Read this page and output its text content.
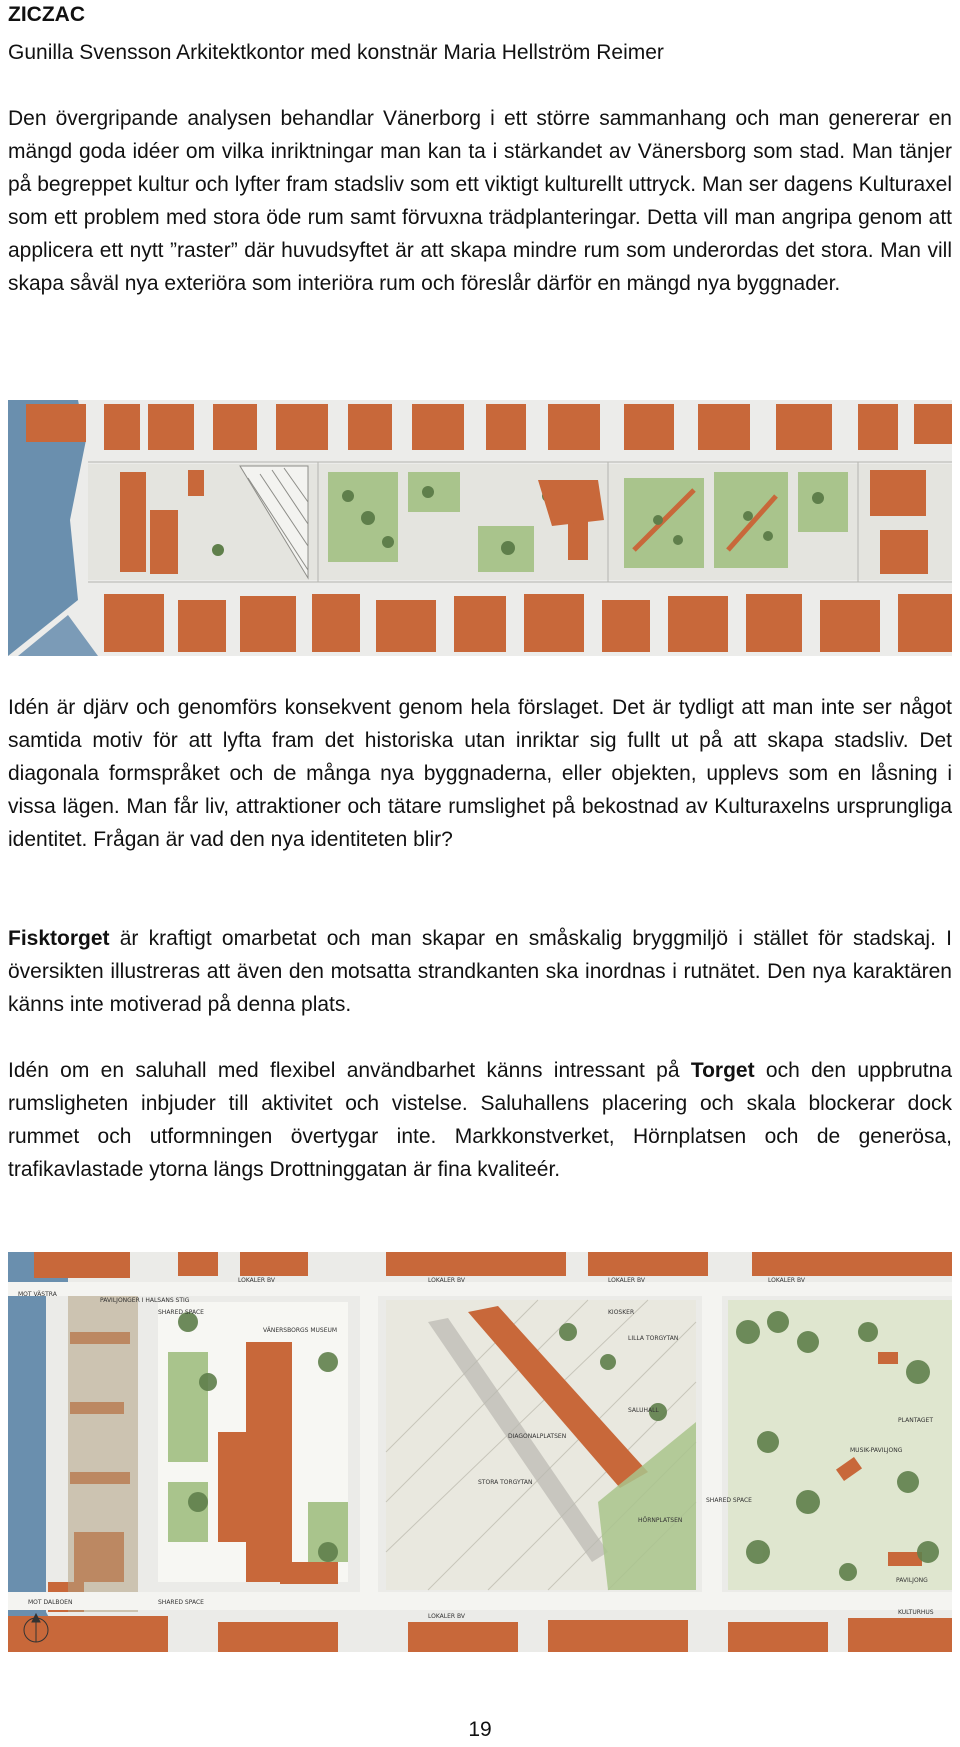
ZICZAC
Gunilla Svensson Arkitektkontor med konstnär Maria Hellström Reimer
Den övergripande analysen behandlar Vänerborg i ett större sammanhang och man genererar en mängd goda idéer om vilka inriktningar man kan ta i stärkandet av Vänersborg som stad. Man tänjer på begreppet kultur och lyfter fram stadsliv som ett viktigt kulturellt uttryck. Man ser dagens Kulturaxel som ett problem med stora öde rum samt förvuxna trädplanteringar. Detta vill man angripa genom att applicera ett nytt ”raster” där huvudsyftet är att skapa mindre rum som underordas det stora. Man vill skapa såväl nya exteriöra som interiöra rum och föreslår därför en mängd nya byggnader.
Idén är djärv och genomförs konsekvent genom hela förslaget. Det är tydligt att man inte ser något samtida motiv för att lyfta fram det historiska utan inriktar sig fullt ut på att skapa stadsliv. Det diagonala formspråket och de många nya byggnaderna, eller objekten, upplevs som en låsning i vissa lägen. Man får liv, attraktioner och tätare rumslighet på bekostnad av Kulturaxelns ursprungliga identitet. Frågan är vad den nya identiteten blir?
Fisktorget är kraftigt omarbetat och man skapar en småskalig bryggmiljö i stället för stadskaj. I översikten illustreras att även den motsatta strandkanten ska inordnas i rutnätet. Den nya karaktären känns inte motiverad på denna plats.
Idén om en saluhall med flexibel användbarhet känns intressant på Torget och den uppbrutna rumsligheten inbjuder till aktivitet och vistelse. Saluhallens placering och skala blockerar dock rummet och utformningen övertygar inte. Markkonstverket, Hörnplatsen och de generösa, trafikavlastade ytorna längs Drottninggatan är fina kvaliteér.
PAVILJONGER I HALSANS STIG
SHARED SPACE
LOKALER BV	LOKALER BV	LOKALER BV	LOKALER BV
VÄNERSBORGS MUSEUM
KIOSKER
LILLA TORGYTAN
SALUHALL
DIAGONALPLATSEN
STORA TORGYTAN
HÖRNPLATSEN
PLANTAGET
MUSIK-PAVILJONG
PAVILJONG
SHARED SPACE
SHARED SPACE
LOKALER BV
KULTURHUS
MOT DALBOEN
MOT VÄSTRA
19
